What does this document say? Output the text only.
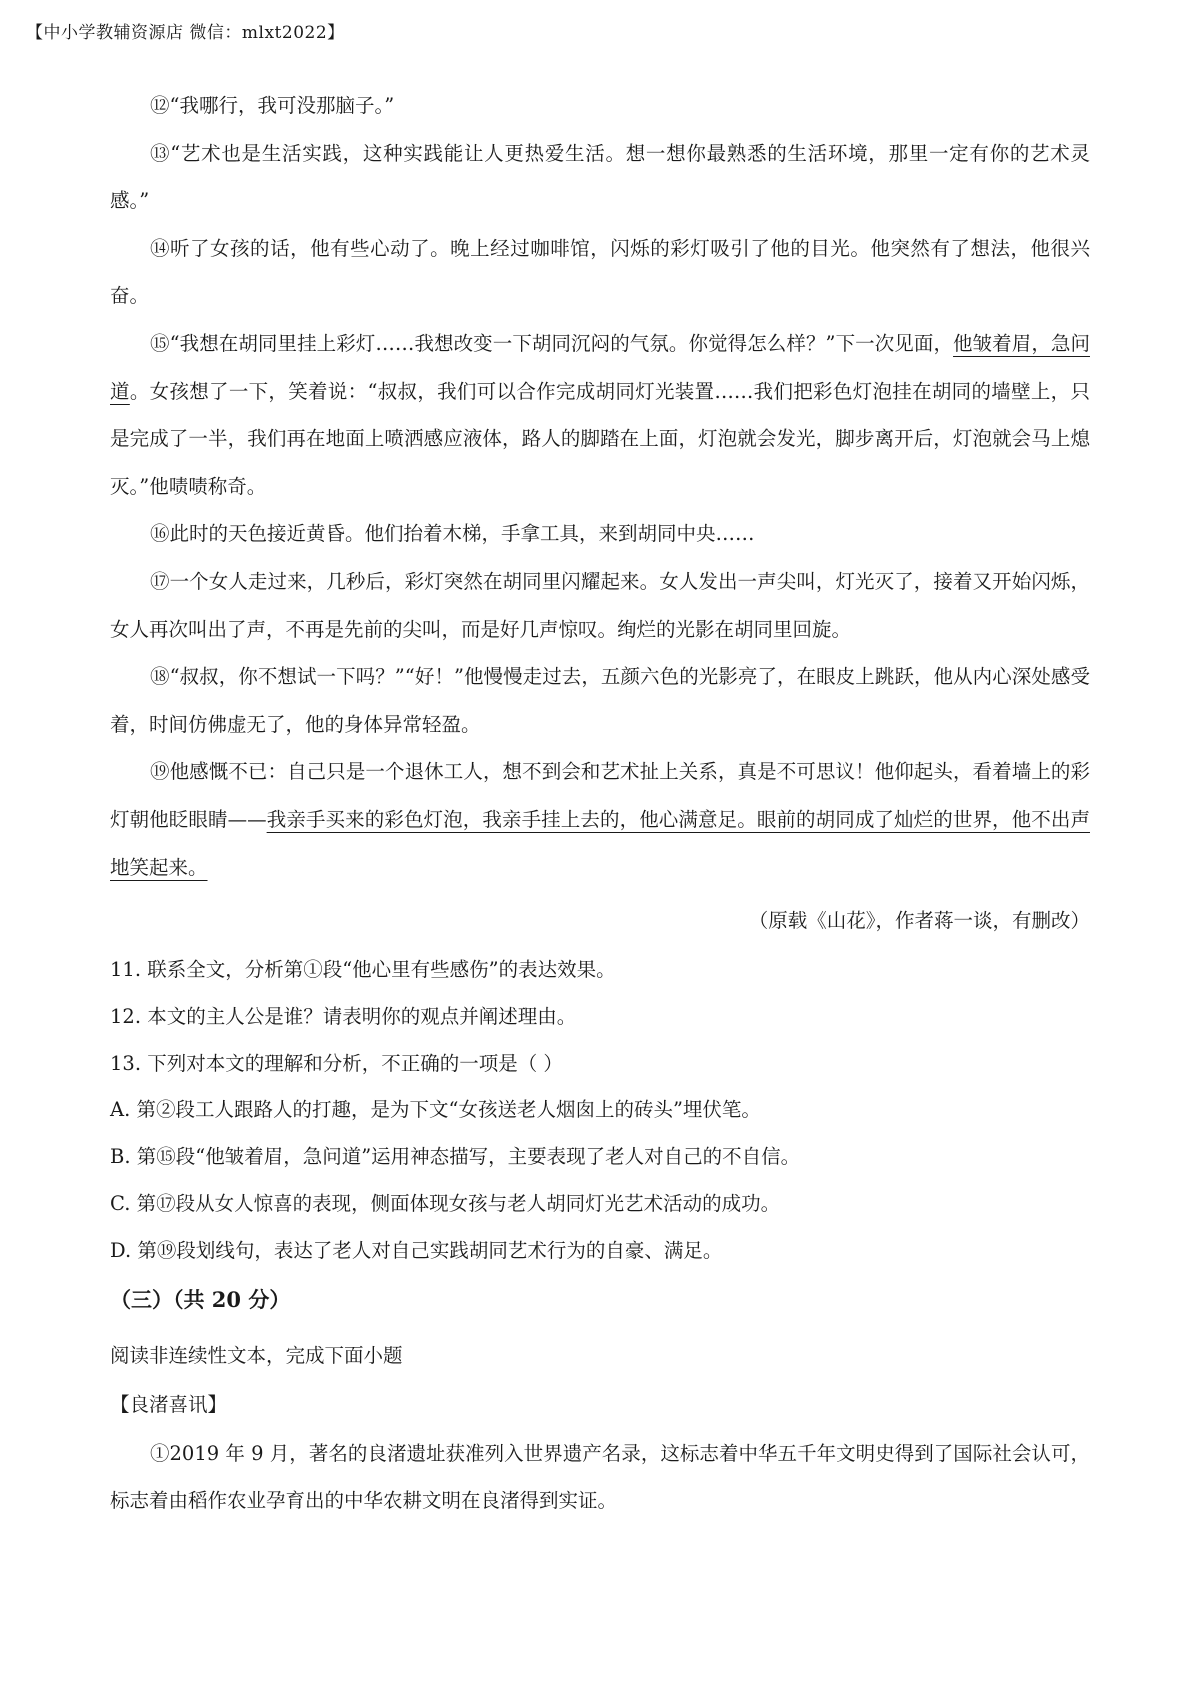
【中小学教辅资源店 微信：mlxt2022】

⑫“我哪行，我可没那脑子。”

⑬“艺术也是生活实践，这种实践能让人更热爱生活。想一想你最熟悉的生活环境，那里一定有你的艺术灵感。”

⑭听了女孩的话，他有些心动了。晚上经过咖啡馆，闪烁的彩灯吸引了他的目光。他突然有了想法，他很兴奋。

⑮“我想在胡同里挂上彩灯……我想改变一下胡同沉闷的气氛。你觉得怎么样？”下一次见面，他皱着眉，急问道。女孩想了一下，笑着说：“叔叔，我们可以合作完成胡同灯光装置……我们把彩色灯泡挂在胡同的墙壁上，只是完成了一半，我们再在地面上喷洒感应液体，路人的脚踏在上面，灯泡就会发光，脚步离开后，灯泡就会马上熄灭。”他啧啧称奇。

⑯此时的天色接近黄昏。他们抬着木梯，手拿工具，来到胡同中央……

⑰一个女人走过来，几秒后，彩灯突然在胡同里闪耀起来。女人发出一声尖叫，灯光灭了，接着又开始闪烁，女人再次叫出了声，不再是先前的尖叫，而是好几声惊叹。绚烂的光影在胡同里回旋。

⑱“叔叔，你不想试一下吗？”“好！”他慢慢走过去，五颜六色的光影亮了，在眼皮上跳跃，他从内心深处感受着，时间仿佛虚无了，他的身体异常轻盈。

⑲他感慨不已：自己只是一个退休工人，想不到会和艺术扯上关系，真是不可思议！他仰起头，看着墙上的彩灯朝他眨眼睛——我亲手买来的彩色灯泡，我亲手挂上去的，他心满意足。眼前的胡同成了灿烂的世界，他不出声地笑起来。

（原载《山花》，作者蒋一谈，有删改）
11. 联系全文，分析第①段“他心里有些感伤”的表达效果。
12. 本文的主人公是谁？请表明你的观点并阐述理由。
13. 下列对本文的理解和分析，不正确的一项是（ ）
A. 第②段工人跟路人的打趣，是为下文“女孩送老人烟囱上的砖头”埋伏笔。
B. 第⑮段“他皱着眉，急问道”运用神态描写，主要表现了老人对自己的不自信。
C. 第⑰段从女人惊喜的表现，侧面体现女孩与老人胡同灯光艺术活动的成功。
D. 第⑲段划线句，表达了老人对自己实践胡同艺术行为的自豪、满足。
（三）（共 20 分）
阅读非连续性文本，完成下面小题
【良渚喜讯】

①2019 年 9 月，著名的良渚遗址获准列入世界遗产名录，这标志着中华五千年文明史得到了国际社会认可，标志着由稻作农业孕育出的中华农耕文明在良渚得到实证。
